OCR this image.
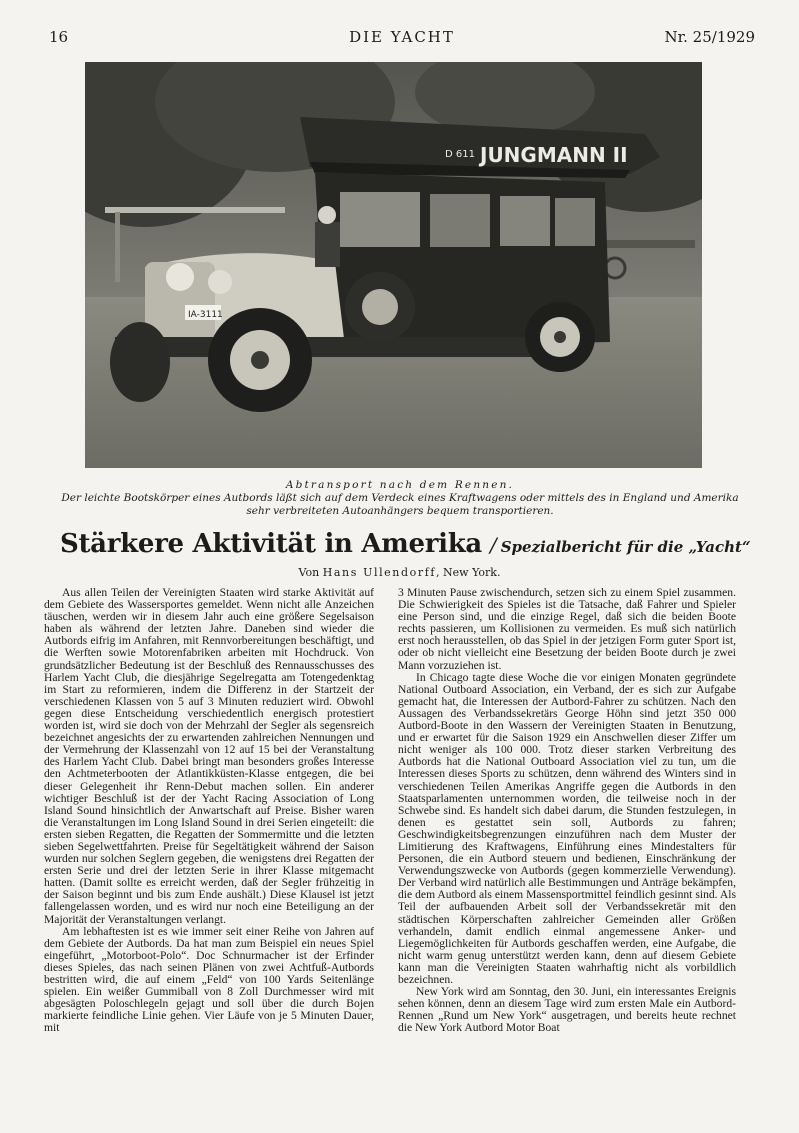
16	DIE YACHT	Nr. 25/1929
JUNGMANN II
D 611
IA-3111
Abtransport nach dem Rennen.
Der leichte Bootskörper eines Autbords läßt sich auf dem Verdeck eines Kraftwagens oder mittels des in England und Amerika sehr verbreiteten Autoanhängers bequem transportieren.
Stärkere Aktivität in Amerika / Spezialbericht für die „Yacht“
Von Hans Ullendorff, New York.

Aus allen Teilen der Vereinigten Staaten wird starke Aktivität auf dem Gebiete des Wassersportes gemeldet. Wenn nicht alle Anzeichen täuschen, werden wir in diesem Jahr auch eine größere Segelsaison haben als während der letzten Jahre. Daneben sind wieder die Autbords eifrig im Anfahren, mit Rennvorbereitungen beschäftigt, und die Werften sowie Motorenfabriken arbeiten mit Hochdruck. Von grundsätzlicher Bedeutung ist der Beschluß des Rennausschusses des Harlem Yacht Club, die diesjährige Segelregatta am Totengedenktag im Start zu reformieren, indem die Differenz in der Startzeit der verschiedenen Klassen von 5 auf 3 Minuten reduziert wird. Obwohl gegen diese Entscheidung verschiedentlich energisch protestiert worden ist, wird sie doch von der Mehrzahl der Segler als segensreich bezeichnet angesichts der zu erwartenden zahlreichen Nennungen und der Vermehrung der Klassenzahl von 12 auf 15 bei der Veranstaltung des Harlem Yacht Club. Dabei bringt man besonders großes Interesse den Achtmeterbooten der Atlantikküsten-Klasse entgegen, die bei dieser Gelegenheit ihr Renn-Debut machen sollen. Ein anderer wichtiger Beschluß ist der der Yacht Racing Association of Long Island Sound hinsichtlich der Anwartschaft auf Preise. Bisher waren die Veranstaltungen im Long Island Sound in drei Serien eingeteilt: die ersten sieben Regatten, die Regatten der Sommermitte und die letzten sieben Segelwettfahrten. Preise für Segeltätigkeit während der Saison wurden nur solchen Seglern gegeben, die wenigstens drei Regatten der ersten Serie und drei der letzten Serie in ihrer Klasse mitgemacht hatten. (Damit sollte es erreicht werden, daß der Segler frühzeitig in der Saison beginnt und bis zum Ende aushält.) Diese Klausel ist jetzt fallengelassen worden, und es wird nur noch eine Beteiligung an der Majorität der Veranstaltungen verlangt.

Am lebhaftesten ist es wie immer seit einer Reihe von Jahren auf dem Gebiete der Autbords. Da hat man zum Beispiel ein neues Spiel eingeführt, „Motorboot-Polo“. Doc Schnurmacher ist der Erfinder dieses Spieles, das nach seinen Plänen von zwei Achtfuß-Autbords bestritten wird, die auf einem „Feld“ von 100 Yards Seitenlänge spielen. Ein weißer Gummiball von 8 Zoll Durchmesser wird mit abgesägten Poloschlegeln gejagt und soll über die durch Bojen markierte feindliche Linie gehen. Vier Läufe von je 5 Minuten Dauer, mit

3 Minuten Pause zwischendurch, setzen sich zu einem Spiel zusammen. Die Schwierigkeit des Spieles ist die Tatsache, daß Fahrer und Spieler eine Person sind, und die einzige Regel, daß sich die beiden Boote rechts passieren, um Kollisionen zu vermeiden. Es muß sich natürlich erst noch herausstellen, ob das Spiel in der jetzigen Form guter Sport ist, oder ob nicht vielleicht eine Besetzung der beiden Boote durch je zwei Mann vorzuziehen ist.

In Chicago tagte diese Woche die vor einigen Monaten gegründete National Outboard Association, ein Verband, der es sich zur Aufgabe gemacht hat, die Interessen der Autbord-Fahrer zu schützen. Nach den Aussagen des Verbandssekretärs George Höhn sind jetzt 350 000 Autbord-Boote in den Wassern der Vereinigten Staaten in Benutzung, und er erwartet für die Saison 1929 ein Anschwellen dieser Ziffer um nicht weniger als 100 000. Trotz dieser starken Verbreitung des Autbords hat die National Outboard Association viel zu tun, um die Interessen dieses Sports zu schützen, denn während des Winters sind in verschiedenen Teilen Amerikas Angriffe gegen die Autbords in den Staatsparlamenten unternommen worden, die teilweise noch in der Schwebe sind. Es handelt sich dabei darum, die Stunden festzulegen, in denen es gestattet sein soll, Autbords zu fahren; Geschwindigkeitsbegrenzungen einzuführen nach dem Muster der Limitierung des Kraftwagens, Einführung eines Mindestalters für Personen, die ein Autbord steuern und bedienen, Einschränkung der Verwendungszwecke von Autbords (gegen kommerzielle Verwendung). Der Verband wird natürlich alle Bestimmungen und Anträge bekämpfen, die dem Autbord als einem Massensportmittel feindlich gesinnt sind. Als Teil der aufbauenden Arbeit soll der Verbandssekretär mit den städtischen Körperschaften zahlreicher Gemeinden aller Größen verhandeln, damit endlich einmal angemessene Anker- und Liegemöglichkeiten für Autbords geschaffen werden, eine Aufgabe, die nicht warm genug unterstützt werden kann, denn auf diesem Gebiete kann man die Vereinigten Staaten wahrhaftig nicht als vorbildlich bezeichnen.

New York wird am Sonntag, den 30. Juni, ein interessantes Ereignis sehen können, denn an diesem Tage wird zum ersten Male ein Autbord-Rennen „Rund um New York“ ausgetragen, und bereits heute rechnet die New York Autbord Motor Boat
